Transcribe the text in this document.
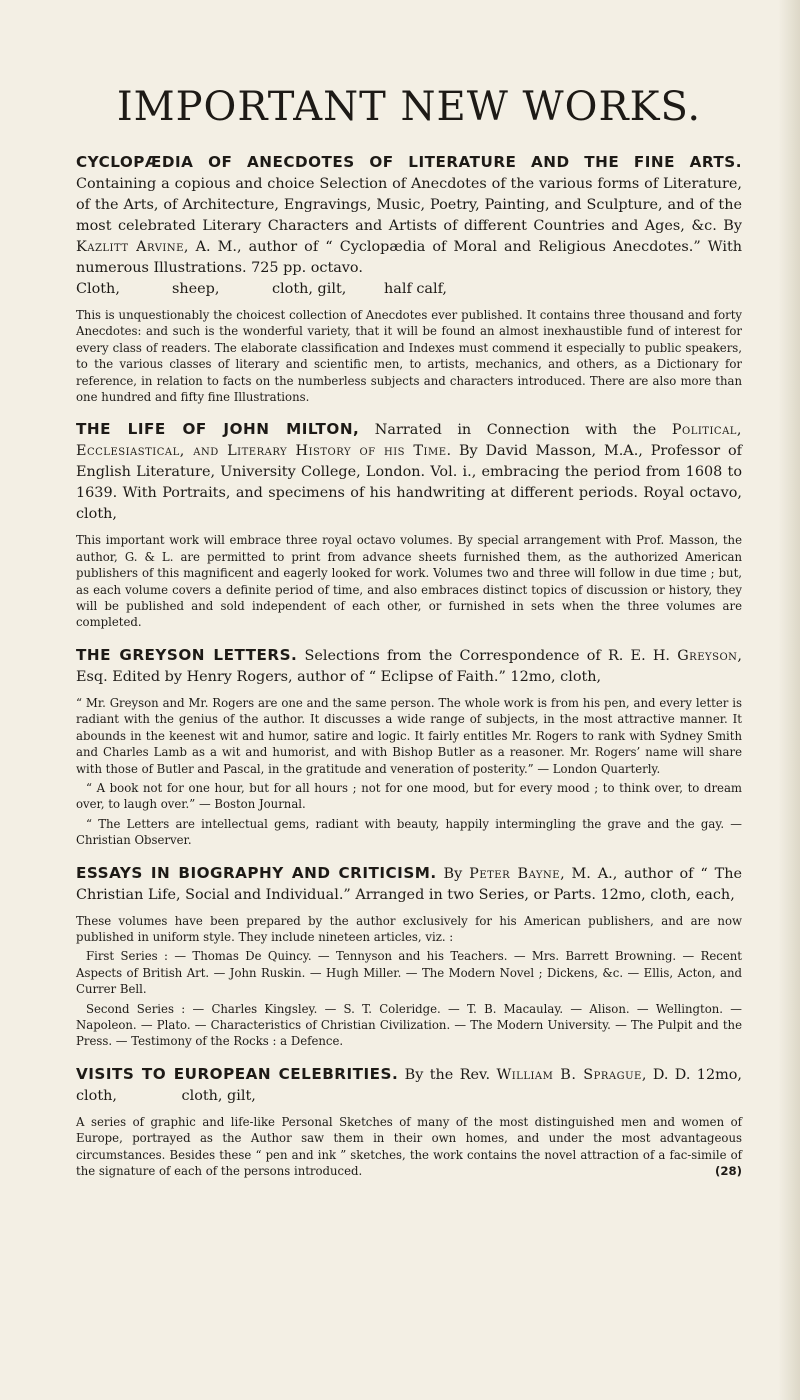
IMPORTANT NEW WORKS.

CYCLOPÆDIA OF ANECDOTES OF LITERATURE AND THE FINE ARTS. Containing a copious and choice Selection of Anecdotes of the various forms of Literature, of the Arts, of Architecture, Engravings, Music, Poetry, Painting, and Sculpture, and of the most celebrated Literary Characters and Artists of different Countries and Ages, &c. By Kazlitt Arvine, A. M., author of “ Cyclopædia of Moral and Religious Anecdotes.” With numerous Illustrations. 725 pp. octavo.

Cloth,	sheep,	cloth, gilt,	half calf,

This is unquestionably the choicest collection of Anecdotes ever published. It contains three thousand and forty Anecdotes: and such is the wonderful variety, that it will be found an almost inexhaustible fund of interest for every class of readers. The elaborate classification and Indexes must commend it especially to public speakers, to the various classes of literary and scientific men, to artists, mechanics, and others, as a Dictionary for reference, in relation to facts on the numberless subjects and characters introduced. There are also more than one hundred and fifty fine Illustrations.

THE LIFE OF JOHN MILTON, Narrated in Connection with the Political, Ecclesiastical, and Literary History of his Time. By David Masson, M.A., Professor of English Literature, University College, London. Vol. i., embracing the period from 1608 to 1639. With Portraits, and specimens of his handwriting at different periods. Royal octavo, cloth,

This important work will embrace three royal octavo volumes. By special arrangement with Prof. Masson, the author, G. & L. are permitted to print from advance sheets furnished them, as the authorized American publishers of this magnificent and eagerly looked for work. Volumes two and three will follow in due time ; but, as each volume covers a definite period of time, and also embraces distinct topics of discussion or history, they will be published and sold independent of each other, or furnished in sets when the three volumes are completed.

THE GREYSON LETTERS. Selections from the Correspondence of R. E. H. Greyson, Esq. Edited by Henry Rogers, author of “ Eclipse of Faith.” 12mo, cloth,

“ Mr. Greyson and Mr. Rogers are one and the same person. The whole work is from his pen, and every letter is radiant with the genius of the author. It discusses a wide range of subjects, in the most attractive manner. It abounds in the keenest wit and humor, satire and logic. It fairly entitles Mr. Rogers to rank with Sydney Smith and Charles Lamb as a wit and humorist, and with Bishop Butler as a reasoner. Mr. Rogers’ name will share with those of Butler and Pascal, in the gratitude and veneration of posterity.” — London Quarterly.

“ A book not for one hour, but for all hours ; not for one mood, but for every mood ; to think over, to dream over, to laugh over.” — Boston Journal.

“ The Letters are intellectual gems, radiant with beauty, happily intermingling the grave and the gay. — Christian Observer.

ESSAYS IN BIOGRAPHY AND CRITICISM. By Peter Bayne, M. A., author of “ The Christian Life, Social and Individual.” Arranged in two Series, or Parts. 12mo, cloth, each,

These volumes have been prepared by the author exclusively for his American publishers, and are now published in uniform style. They include nineteen articles, viz. :

First Series : — Thomas De Quincy. — Tennyson and his Teachers. — Mrs. Barrett Browning. — Recent Aspects of British Art. — John Ruskin. — Hugh Miller. — The Modern Novel ; Dickens, &c. — Ellis, Acton, and Currer Bell.

Second Series : — Charles Kingsley. — S. T. Coleridge. — T. B. Macaulay. — Alison. — Wellington. — Napoleon. — Plato. — Characteristics of Christian Civilization. — The Modern University. — The Pulpit and the Press. — Testimony of the Rocks : a Defence.

VISITS TO EUROPEAN CELEBRITIES. By the Rev. William B. Sprague, D. D. 12mo, cloth,	cloth, gilt,

A series of graphic and life-like Personal Sketches of many of the most distinguished men and women of Europe, portrayed as the Author saw them in their own homes, and under the most advantageous circumstances. Besides these “ pen and ink ” sketches, the work contains the novel attraction of a fac-simile of the signature of each of the persons introduced.	(28)
